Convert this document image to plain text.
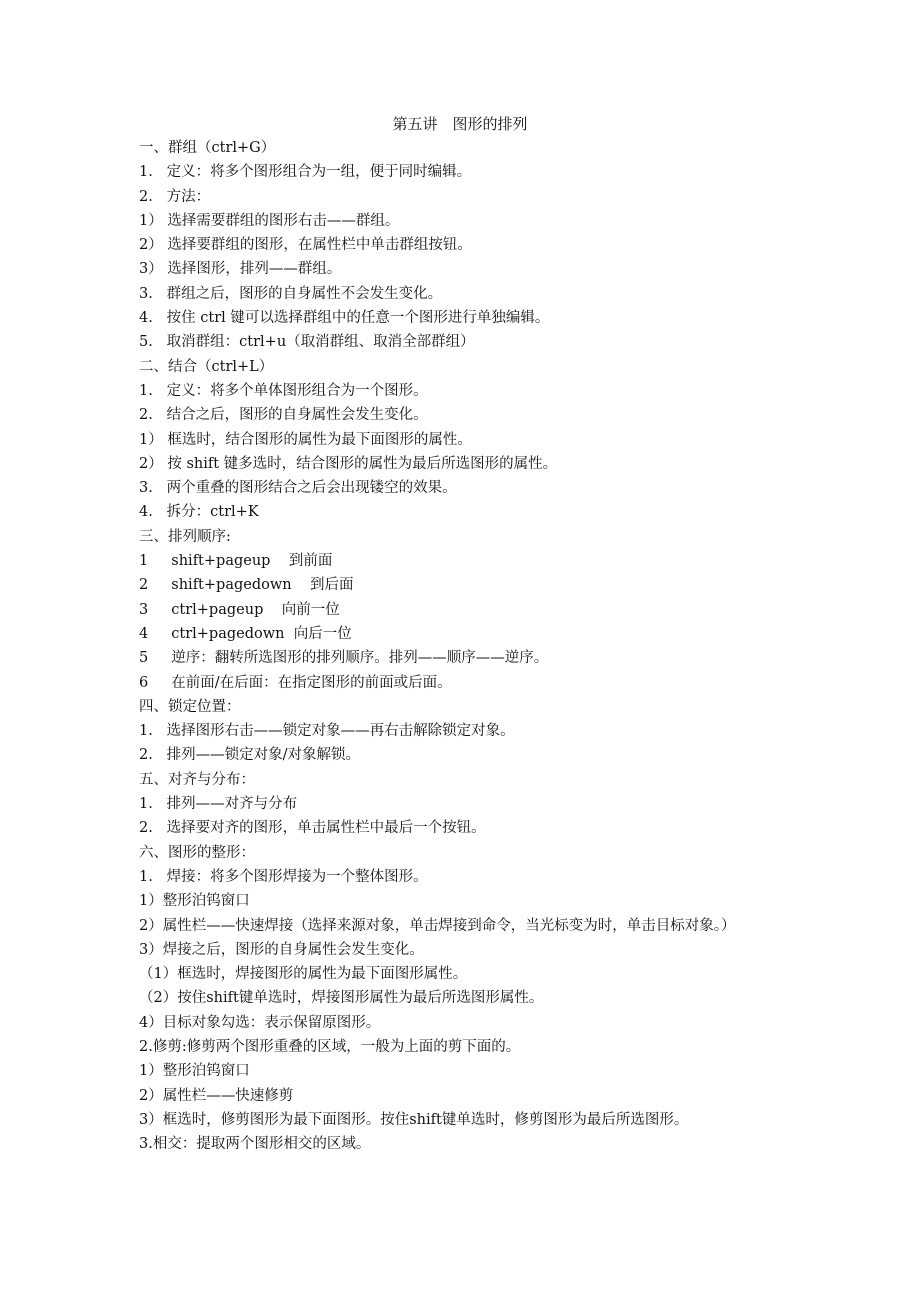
第五讲　图形的排列
一、群组（ctrl+G）
1.   定义：将多个图形组合为一组，便于同时编辑。
2.   方法：
1） 选择需要群组的图形右击——群组。
2） 选择要群组的图形，在属性栏中单击群组按钮。
3） 选择图形，排列——群组。
3.   群组之后，图形的自身属性不会发生变化。
4.   按住 ctrl 键可以选择群组中的任意一个图形进行单独编辑。
5.   取消群组：ctrl+u（取消群组、取消全部群组）
二、结合（ctrl+L）
1.   定义：将多个单体图形组合为一个图形。
2.   结合之后，图形的自身属性会发生变化。
1） 框选时，结合图形的属性为最下面图形的属性。
2） 按 shift 键多选时，结合图形的属性为最后所选图形的属性。
3.   两个重叠的图形结合之后会出现镂空的效果。
4.   拆分：ctrl+K
三、排列顺序:
1     shift+pageup    到前面
2     shift+pagedown    到后面
3     ctrl+pageup    向前一位
4     ctrl+pagedown  向后一位
5     逆序：翻转所选图形的排列顺序。排列——顺序——逆序。
6     在前面/在后面：在指定图形的前面或后面。
四、锁定位置：
1.   选择图形右击——锁定对象——再右击解除锁定对象。
2.   排列——锁定对象/对象解锁。
五、对齐与分布：
1.   排列——对齐与分布
2.   选择要对齐的图形，单击属性栏中最后一个按钮。
六、图形的整形：
1.   焊接：将多个图形焊接为一个整体图形。
1）整形泊钨窗口
2）属性栏——快速焊接（选择来源对象，单击焊接到命令，当光标变为时，单击目标对象。）
3）焊接之后，图形的自身属性会发生变化。
（1）框选时，焊接图形的属性为最下面图形属性。
（2）按住shift键单选时，焊接图形属性为最后所选图形属性。
4）目标对象勾选：表示保留原图形。
2.修剪:修剪两个图形重叠的区域，一般为上面的剪下面的。
1）整形泊钨窗口
2）属性栏——快速修剪
3）框选时，修剪图形为最下面图形。按住shift键单选时，修剪图形为最后所选图形。
3.相交：提取两个图形相交的区域。
